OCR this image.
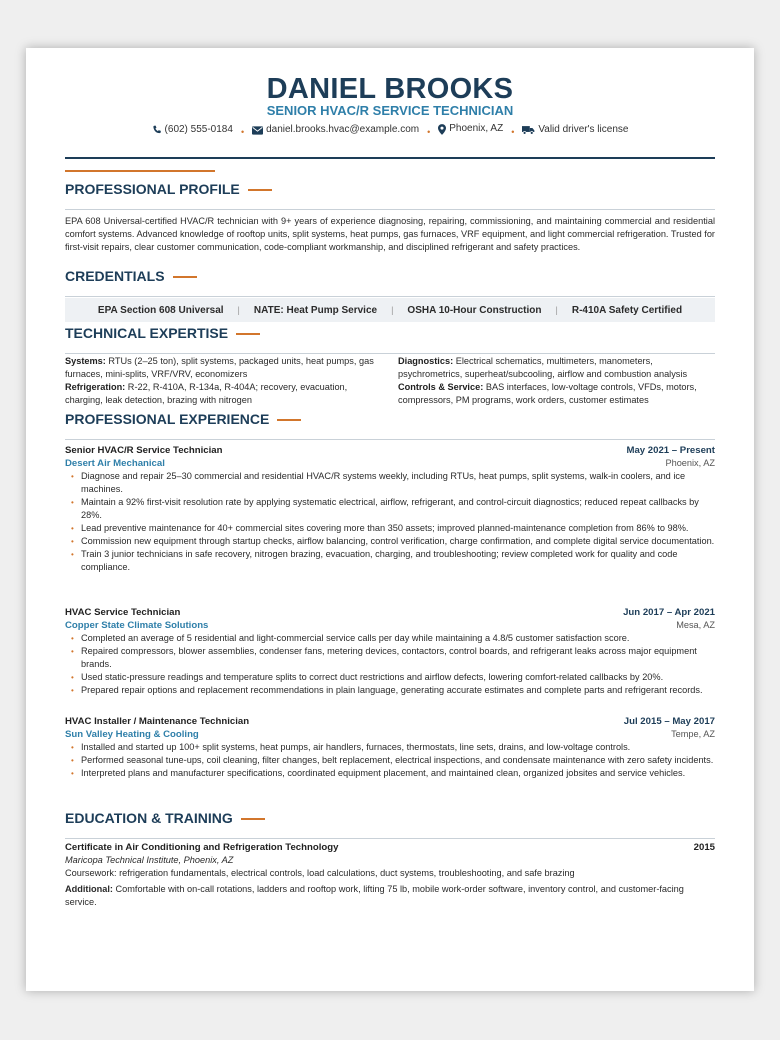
DANIEL BROOKS
SENIOR HVAC/R SERVICE TECHNICIAN
(602) 555-0184 • daniel.brooks.hvac@example.com • Phoenix, AZ • Valid driver's license
PROFESSIONAL PROFILE
EPA 608 Universal-certified HVAC/R technician with 9+ years of experience diagnosing, repairing, commissioning, and maintaining commercial and residential comfort systems. Advanced knowledge of rooftop units, split systems, heat pumps, gas furnaces, VRF equipment, and light commercial refrigeration. Trusted for first-visit repairs, clear customer communication, code-compliant workmanship, and disciplined refrigerant and safety practices.
CREDENTIALS
EPA Section 608 Universal | NATE: Heat Pump Service | OSHA 10-Hour Construction | R-410A Safety Certified
TECHNICAL EXPERTISE
Systems: RTUs (2–25 ton), split systems, packaged units, heat pumps, gas furnaces, mini-splits, VRF/VRV, economizers
Refrigeration: R-22, R-410A, R-134a, R-404A; recovery, evacuation, charging, leak detection, brazing with nitrogen
Diagnostics: Electrical schematics, multimeters, manometers, psychrometrics, superheat/subcooling, airflow and combustion analysis
Controls & Service: BAS interfaces, low-voltage controls, VFDs, motors, compressors, PM programs, work orders, customer estimates
PROFESSIONAL EXPERIENCE
Senior HVAC/R Service Technician	May 2021 – Present
Desert Air Mechanical	Phoenix, AZ
• Diagnose and repair 25–30 commercial and residential HVAC/R systems weekly, including RTUs, heat pumps, split systems, walk-in coolers, and ice machines.
• Maintain a 92% first-visit resolution rate by applying systematic electrical, airflow, refrigerant, and control-circuit diagnostics; reduced repeat callbacks by 28%.
• Lead preventive maintenance for 40+ commercial sites covering more than 350 assets; improved planned-maintenance completion from 86% to 98%.
• Commission new equipment through startup checks, airflow balancing, control verification, charge confirmation, and complete digital service documentation.
• Train 3 junior technicians in safe recovery, nitrogen brazing, evacuation, charging, and troubleshooting; review completed work for quality and code compliance.
HVAC Service Technician	Jun 2017 – Apr 2021
Copper State Climate Solutions	Mesa, AZ
• Completed an average of 5 residential and light-commercial service calls per day while maintaining a 4.8/5 customer satisfaction score.
• Repaired compressors, blower assemblies, condenser fans, metering devices, contactors, control boards, and refrigerant leaks across major equipment brands.
• Used static-pressure readings and temperature splits to correct duct restrictions and airflow defects, lowering comfort-related callbacks by 20%.
• Prepared repair options and replacement recommendations in plain language, generating accurate estimates and complete parts and refrigerant records.
HVAC Installer / Maintenance Technician	Jul 2015 – May 2017
Sun Valley Heating & Cooling	Tempe, AZ
• Installed and started up 100+ split systems, heat pumps, air handlers, furnaces, thermostats, line sets, drains, and low-voltage controls.
• Performed seasonal tune-ups, coil cleaning, filter changes, belt replacement, electrical inspections, and condensate maintenance with zero safety incidents.
• Interpreted plans and manufacturer specifications, coordinated equipment placement, and maintained clean, organized jobsites and service vehicles.
EDUCATION & TRAINING
Certificate in Air Conditioning and Refrigeration Technology	2015
Maricopa Technical Institute, Phoenix, AZ
Coursework: refrigeration fundamentals, electrical controls, load calculations, duct systems, troubleshooting, and safe brazing
Additional: Comfortable with on-call rotations, ladders and rooftop work, lifting 75 lb, mobile work-order software, inventory control, and customer-facing service.
